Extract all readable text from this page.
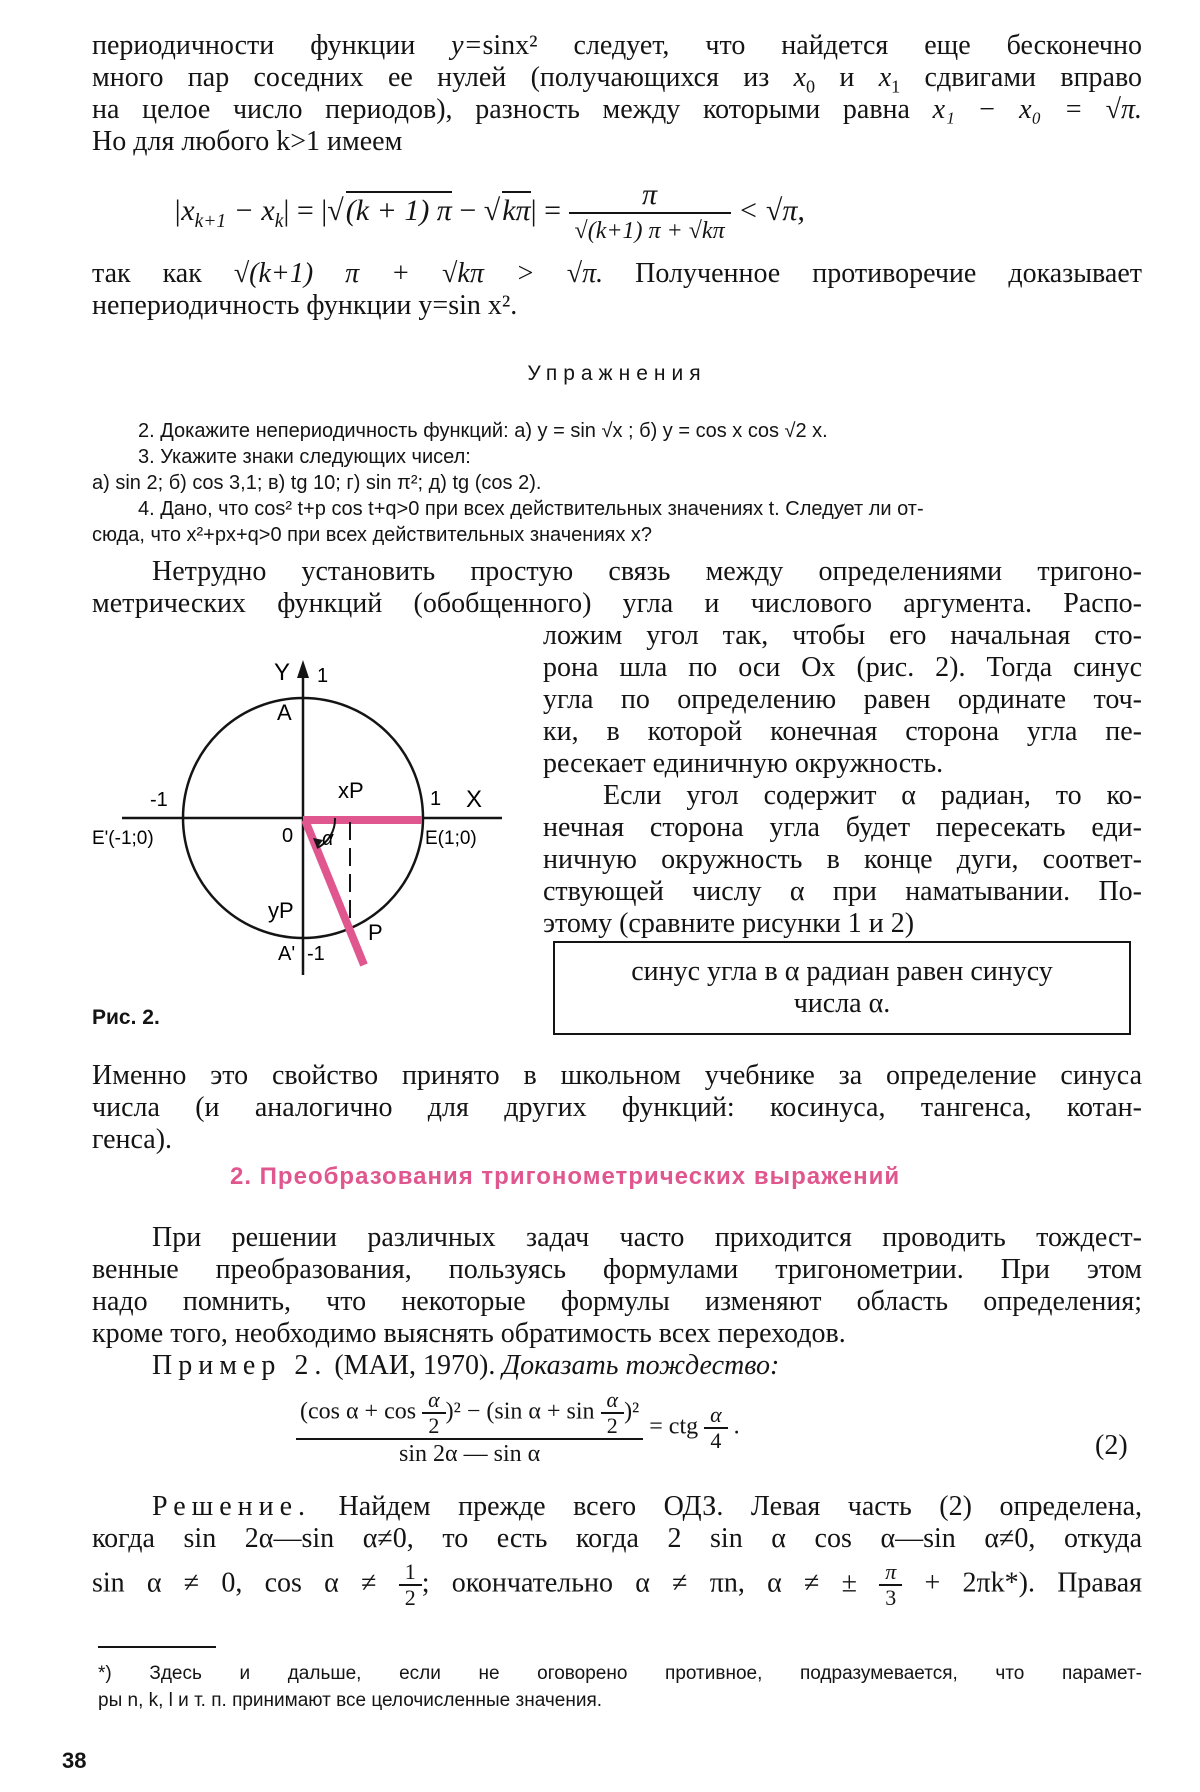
периодичности функции y=sinx² следует, что найдется еще бесконечно

много пар соседних ее нулей (получающихся из $x_0$ и $x_1$ сдвигами вправо

на целое число периодов), разность между которыми равна x₁ − x₀ = √π.

Но для любого k>1 имеем

$|x_{k+1} - x_k| = |√(k + 1) \pi - √k\pi| = \frac{\pi}{√(k+1) \pi + √k\pi} < √\pi$,

так как √(k+1) π + √kπ > √π. Полученное противоречие доказывает

непериодичность функции y=sin x².

Упражнения
2. Докажите непериодичность функций: а) y = sin √x ; б) y = cos x cos √2 x.
3. Укажите знаки следующих чисел:
а) sin 2; б) cos 3,1; в) tg 10; г) sin π²; д) tg (cos 2).
4. Дано, что cos² t+p cos t+q>0 при всех действительных значениях t. Следует ли от-
сюда, что x²+px+q>0 при всех действительных значениях x?

Нетрудно установить простую связь между определениями тригоно-

метрических функций (обобщенного) угла и числового аргумента. Распо-

ложим угол так, чтобы его начальная сто-

рона шла по оси Ox (рис. 2). Тогда синус

угла по определению равен ординате точ-

ки, в которой конечная сторона угла пе-

ресекает единичную окружность.

Если угол содержит α радиан, то ко-

нечная сторона угла будет пересекать еди-

ничную окружность в конце дуги, соответ-

ствующей числу α при наматывании. По-

этому (сравните рисунки 1 и 2)

Y 1
A
xP	1 X
-1
E'(-1;0)	0 α	E(1;0)
yP
P
A' -1
Рис. 2.
синус угла в α радиан равен синусу
числа α.

Именно это свойство принято в школьном учебнике за определение синуса

числа (и аналогично для других функций: косинуса, тангенса, котан-

генса).

2. Преобразования тригонометрических выражений

При решении различных задач часто приходится проводить тождест-

венные преобразования, пользуясь формулами тригонометрии. При этом

надо помнить, что некоторые формулы изменяют область определения;

кроме того, необходимо выяснять обратимость всех переходов.

Пример 2. (МАИ, 1970). Доказать тождество:

$\frac{(\cos \alpha + \cos \frac{\alpha}{2} )^2 - (\sin \alpha + \sin \frac{\alpha}{2} )^2}{\text{sin 2α — sin α}}$ = ctg $\frac{\alpha}{4}$ .
(2)

Решение. Найдем прежде всего ОДЗ. Левая часть (2) определена,

когда sin 2α—sin α≠0, то есть когда 2 sin α cos α—sin α≠0, откуда

sin α ≠ 0, $\cos \alpha \ne \frac{1}{2}$ ; окончательно α ≠ πn, α ≠ ± $\frac{\pi}{3} + 2\pi k*$). Правая

*) Здесь и дальше, если не оговорено противное, подразумевается, что парамет-
ры n, k, l и т. п. принимают все целочисленные значения.
38
